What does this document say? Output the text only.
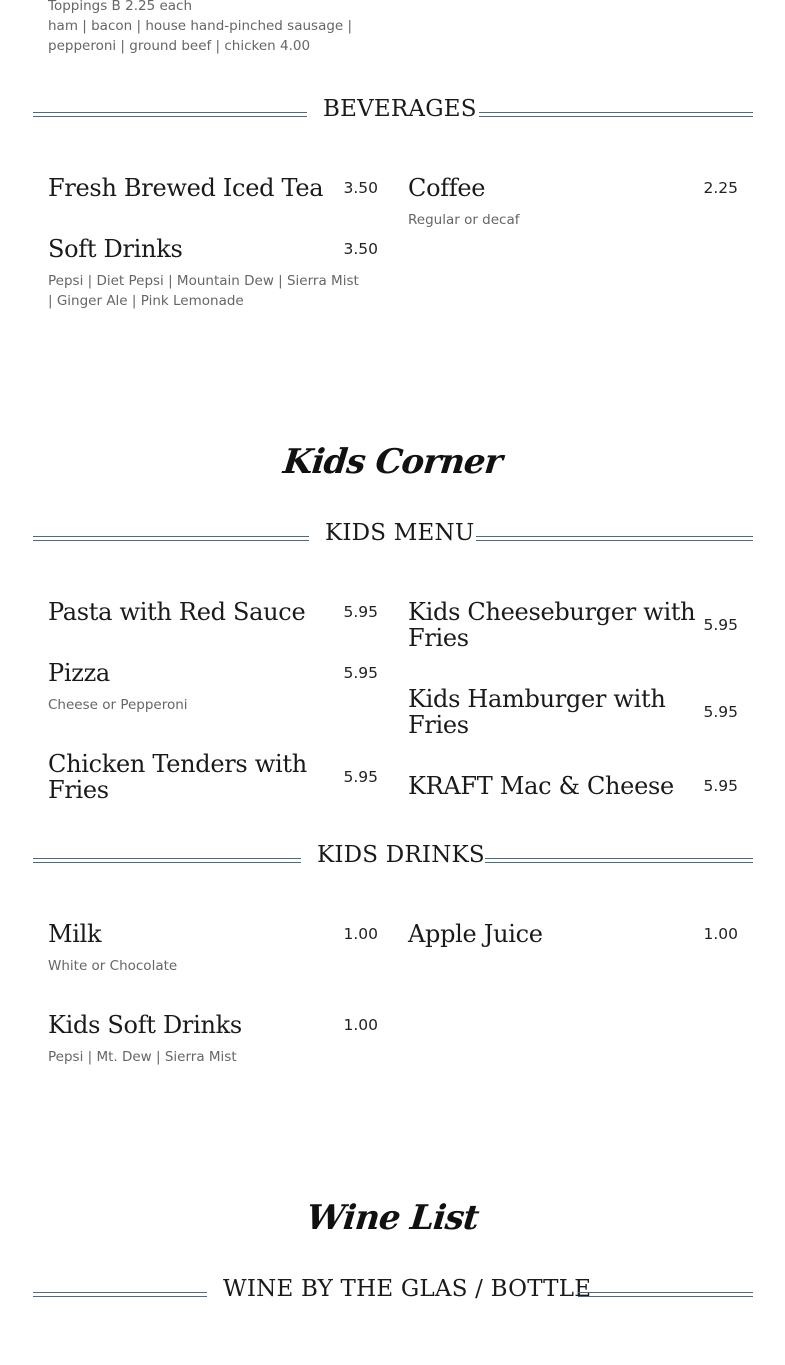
Toppings B 2.25 each
ham | bacon | house hand-pinched sausage |
pepperoni | ground beef | chicken 4.00
BEVERAGES
Fresh Brewed Iced Tea	3.50
Soft Drinks	3.50
Pepsi | Diet Pepsi | Mountain Dew | Sierra Mist
| Ginger Ale | Pink Lemonade
Coffee	2.25
Regular or decaf
Kids Corner
KIDS MENU
Pasta with Red Sauce	5.95
Pizza	5.95
Cheese or Pepperoni
Chicken Tenders with
Fries	5.95
Kids Cheeseburger with
Fries	5.95
Kids Hamburger with
Fries	5.95
KRAFT Mac & Cheese	5.95
KIDS DRINKS
Milk	1.00
White or Chocolate
Kids Soft Drinks	1.00
Pepsi | Mt. Dew | Sierra Mist
Apple Juice	1.00
Wine List
WINE BY THE GLAS / BOTTLE
